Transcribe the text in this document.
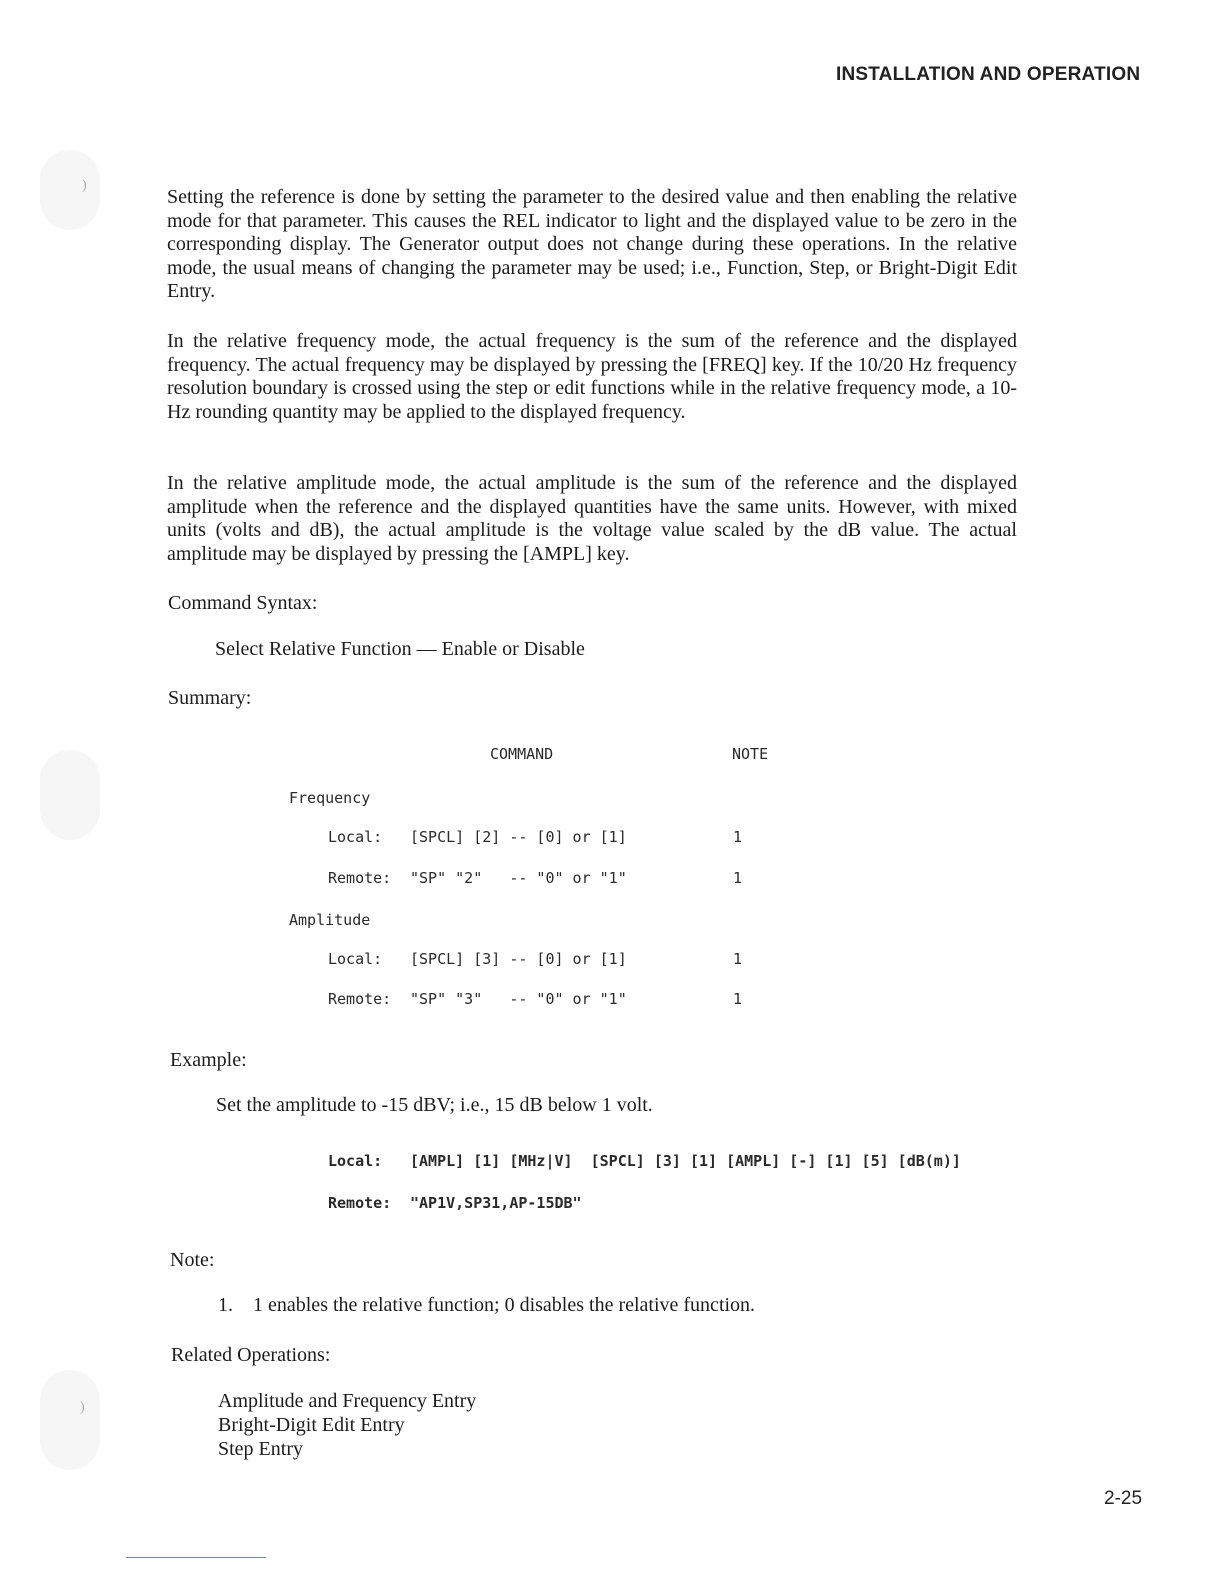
)
)
INSTALLATION AND OPERATION
Setting the reference is done by setting the parameter to the desired value and then enabling the relative mode for that parameter. This causes the REL indicator to light and the displayed value to be zero in the corresponding display. The Generator output does not change during these operations. In the relative mode, the usual means of changing the parameter may be used; i.e., Function, Step, or Bright-Digit Edit Entry.
In the relative frequency mode, the actual frequency is the sum of the reference and the displayed frequency. The actual frequency may be displayed by pressing the [FREQ] key. If the 10/20 Hz frequency resolution boundary is crossed using the step or edit functions while in the relative frequency mode, a 10-Hz rounding quantity may be applied to the displayed frequency.
In the relative amplitude mode, the actual amplitude is the sum of the reference and the displayed amplitude when the reference and the displayed quantities have the same units. However, with mixed units (volts and dB), the actual amplitude is the voltage value scaled by the dB value. The actual amplitude may be displayed by pressing the [AMPL] key.
Command Syntax:
Select Relative Function — Enable or Disable
Summary:
COMMAND	NOTE
Frequency
Local: [SPCL] [2] -- [0] or [1]	1
Remote: "SP" "2"   -- "0" or "1"	1
Amplitude
Local: [SPCL] [3] -- [0] or [1]	1
Remote: "SP" "3"   -- "0" or "1"	1
Example:
Set the amplitude to -15 dBV; i.e., 15 dB below 1 volt.
Local: [AMPL] [1] [MHz|V]  [SPCL] [3] [1] [AMPL] [-] [1] [5] [dB(m)]
Remote: "AP1V,SP31,AP-15DB"
Note:
1. 1 enables the relative function; 0 disables the relative function.
Related Operations:
Amplitude and Frequency Entry
Bright-Digit Edit Entry
Step Entry
2-25
